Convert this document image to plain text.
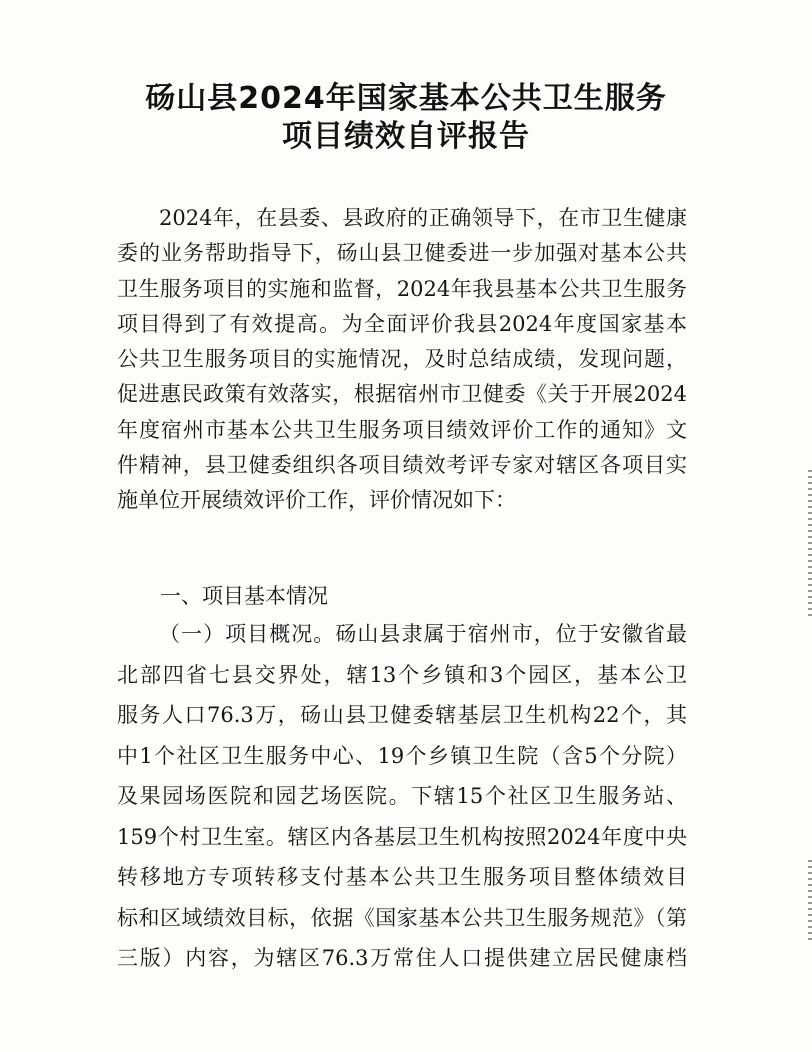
砀山县2024年国家基本公共卫生服务
项目绩效自评报告
2024年，在县委、县政府的正确领导下，在市卫生健康
委的业务帮助指导下，砀山县卫健委进一步加强对基本公共
卫生服务项目的实施和监督，2024年我县基本公共卫生服务
项目得到了有效提高。为全面评价我县2024年度国家基本
公共卫生服务项目的实施情况，及时总结成绩，发现问题，
促进惠民政策有效落实，根据宿州市卫健委《关于开展2024
年度宿州市基本公共卫生服务项目绩效评价工作的通知》文
件精神，县卫健委组织各项目绩效考评专家对辖区各项目实
施单位开展绩效评价工作，评价情况如下：
一、项目基本情况
（一）项目概况。砀山县隶属于宿州市，位于安徽省最
北部四省七县交界处，辖13个乡镇和3个园区，基本公卫
服务人口76.3万，砀山县卫健委辖基层卫生机构22个，其
中1个社区卫生服务中心、19个乡镇卫生院（含5个分院）
及果园场医院和园艺场医院。下辖15个社区卫生服务站、
159个村卫生室。辖区内各基层卫生机构按照2024年度中央
转移地方专项转移支付基本公共卫生服务项目整体绩效目
标和区域绩效目标，依据《国家基本公共卫生服务规范》（第
三版）内容，为辖区76.3万常住人口提供建立居民健康档
